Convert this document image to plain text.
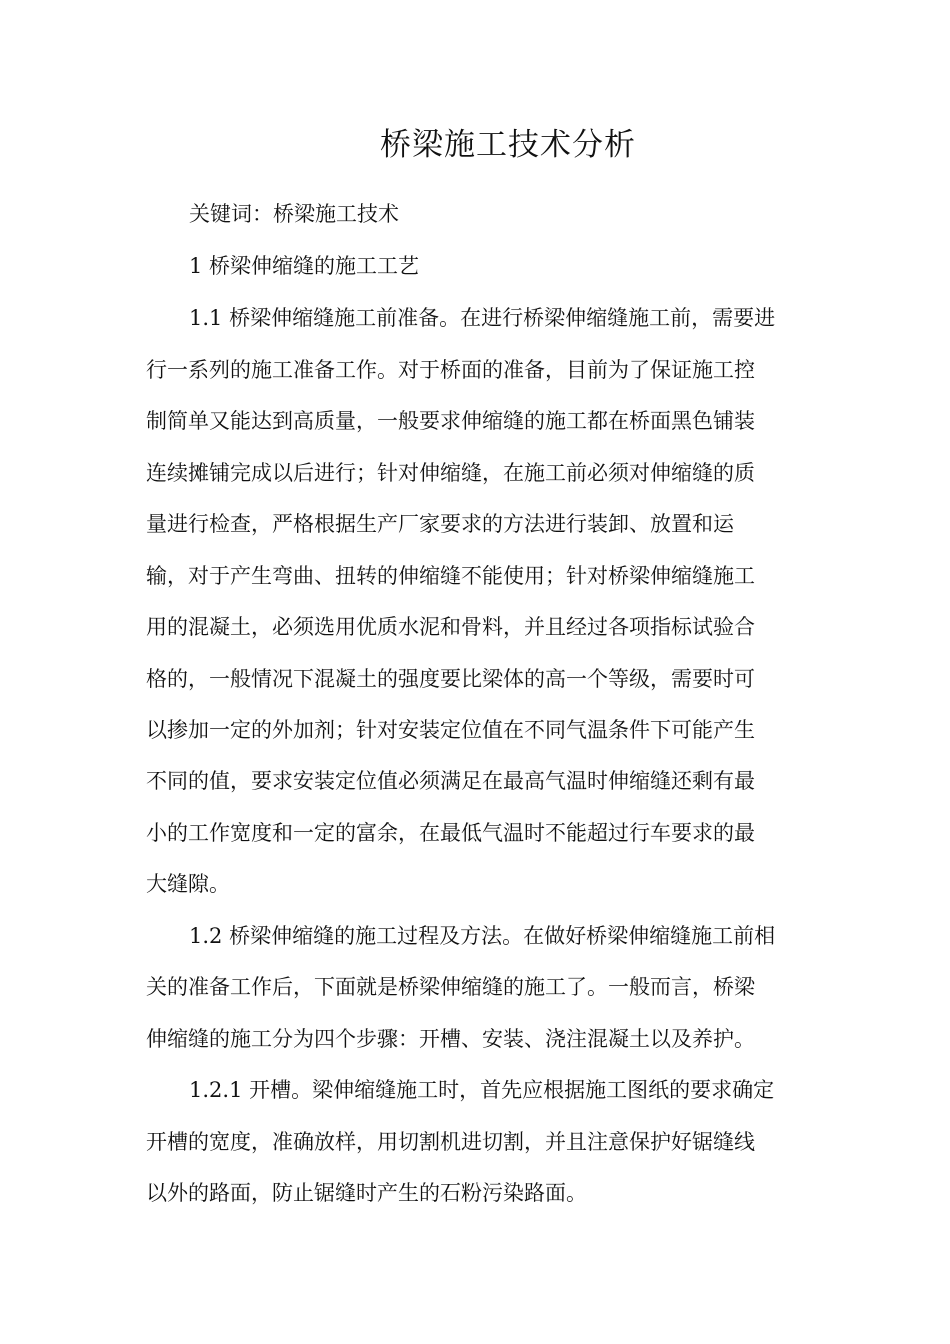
桥梁施工技术分析

关键词：桥梁施工技术

1 桥梁伸缩缝的施工工艺

1.1 桥梁伸缩缝施工前准备。在进行桥梁伸缩缝施工前，需要进

行一系列的施工准备工作。对于桥面的准备，目前为了保证施工控

制简单又能达到高质量，一般要求伸缩缝的施工都在桥面黑色铺装

连续摊铺完成以后进行；针对伸缩缝，在施工前必须对伸缩缝的质

量进行检查，严格根据生产厂家要求的方法进行装卸、放置和运

输，对于产生弯曲、扭转的伸缩缝不能使用；针对桥梁伸缩缝施工

用的混凝土，必须选用优质水泥和骨料，并且经过各项指标试验合

格的，一般情况下混凝土的强度要比梁体的高一个等级，需要时可

以掺加一定的外加剂；针对安装定位值在不同气温条件下可能产生

不同的值，要求安装定位值必须满足在最高气温时伸缩缝还剩有最

小的工作宽度和一定的富余，在最低气温时不能超过行车要求的最

大缝隙。

1.2 桥梁伸缩缝的施工过程及方法。在做好桥梁伸缩缝施工前相

关的准备工作后，下面就是桥梁伸缩缝的施工了。一般而言，桥梁

伸缩缝的施工分为四个步骤：开槽、安装、浇注混凝土以及养护。

1.2.1 开槽。梁伸缩缝施工时，首先应根据施工图纸的要求确定

开槽的宽度，准确放样，用切割机进切割，并且注意保护好锯缝线

以外的路面，防止锯缝时产生的石粉污染路面。
